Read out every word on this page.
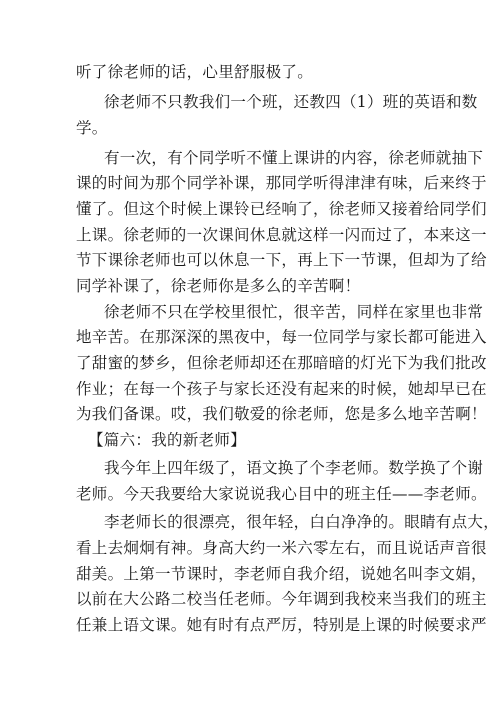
听了徐老师的话，心里舒服极了。
徐老师不只教我们一个班，还教四（1）班的英语和数
学。
有一次，有个同学听不懂上课讲的内容，徐老师就抽下
课的时间为那个同学补课，那同学听得津津有味，后来终于
懂了。但这个时候上课铃已经响了，徐老师又接着给同学们
上课。徐老师的一次课间休息就这样一闪而过了，本来这一
节下课徐老师也可以休息一下，再上下一节课，但却为了给
同学补课了，徐老师你是多么的辛苦啊！
徐老师不只在学校里很忙，很辛苦，同样在家里也非常
地辛苦。在那深深的黑夜中，每一位同学与家长都可能进入
了甜蜜的梦乡，但徐老师却还在那暗暗的灯光下为我们批改
作业；在每一个孩子与家长还没有起来的时候，她却早已在
为我们备课。哎，我们敬爱的徐老师，您是多么地辛苦啊！
【篇六：我的新老师】
我今年上四年级了，语文换了个李老师。数学换了个谢
老师。今天我要给大家说说我心目中的班主任——李老师。
李老师长的很漂亮，很年轻，白白净净的。眼睛有点大，
看上去炯炯有神。身高大约一米六零左右，而且说话声音很
甜美。上第一节课时，李老师自我介绍，说她名叫李文娟，
以前在大公路二校当任老师。今年调到我校来当我们的班主
任兼上语文课。她有时有点严厉，特别是上课的时候要求严
